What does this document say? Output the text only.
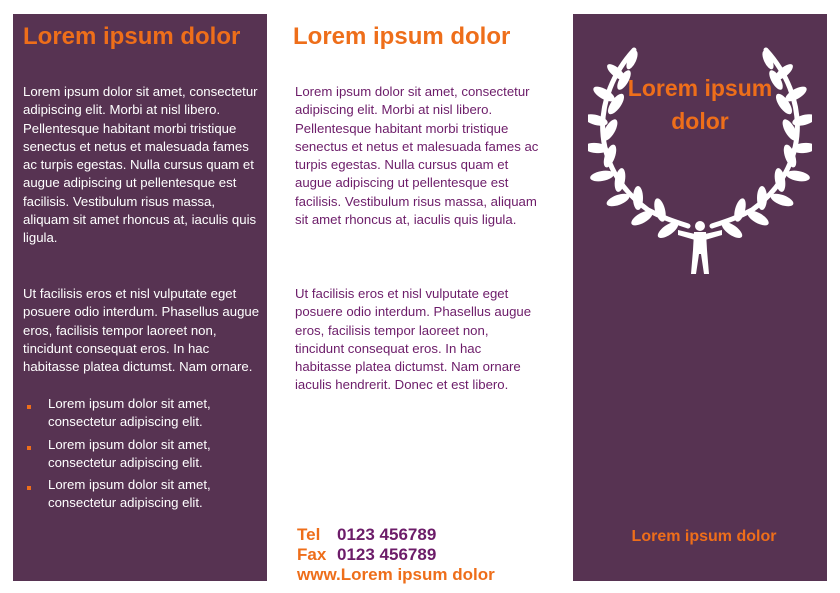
Lorem ipsum dolor

Lorem ipsum dolor sit amet, consectetur adipiscing elit. Morbi at nisl libero. Pellentesque habitant morbi tristique senectus et netus et malesuada fames ac turpis egestas. Nulla cursus quam et augue adipiscing ut pellentesque est facilisis. Vestibulum risus massa, aliquam sit amet rhoncus at, iaculis quis ligula.

Ut facilisis eros et nisl vulputate eget posuere odio interdum. Phasellus augue eros, facilisis tempor laoreet non, tincidunt consequat eros. In hac habitasse platea dictumst. Nam ornare.

Lorem ipsum dolor sit amet, consectetur adipiscing elit.
Lorem ipsum dolor sit amet, consectetur adipiscing elit.
Lorem ipsum dolor sit amet, consectetur adipiscing elit.
Lorem ipsum dolor

Lorem ipsum dolor sit amet, consectetur adipiscing elit. Morbi at nisl libero. Pellentesque habitant morbi tristique senectus et netus et malesuada fames ac turpis egestas. Nulla cursus quam et augue adipiscing ut pellentesque est facilisis. Vestibulum risus massa, aliquam sit amet rhoncus at, iaculis quis ligula.

Ut facilisis eros et nisl vulputate eget posuere odio interdum. Phasellus augue eros, facilisis tempor laoreet non, tincidunt consequat eros. In hac habitasse platea dictumst. Nam ornare iaculis hendrerit. Donec et est libero.

Tel 0123 456789
Fax 0123 456789
www.Lorem ipsum dolor
Lorem ipsum dolor
Lorem ipsum dolor
